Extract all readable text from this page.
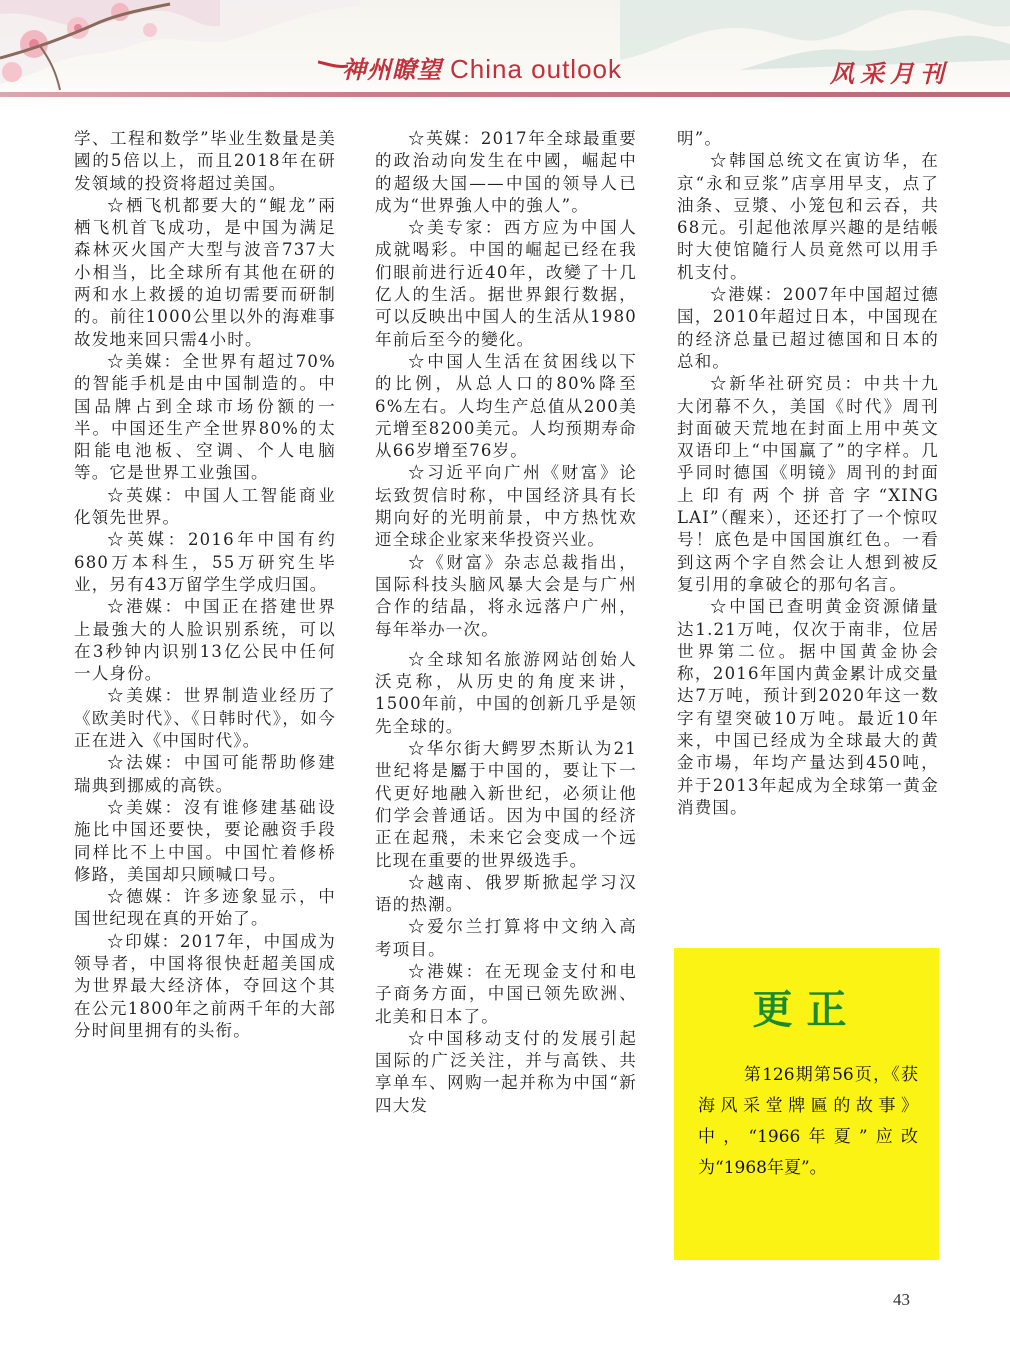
神州瞭望 China outlook	风采月刊

学、工程和数学”毕业生数量是美國的5倍以上，而且2018年在研发領域的投资将超过美国。

☆栖飞机都要大的“鲲龙”兩栖飞机首飞成功，是中国为满足森林灭火国产大型与波音737大小相当，比全球所有其他在研的两和水上救援的迫切需要而研制的。前往1000公里以外的海难事故发地来回只需4小时。

☆美媒：全世界有超过70%的智能手机是由中国制造的。中国品牌占到全球市场份额的一半。中国还生产全世界80%的太阳能电池板、空调、个人电脑等。它是世界工业強国。

☆英媒：中国人工智能商业化領先世界。

☆英媒：2016年中国有约680万本科生，55万研究生毕业，另有43万留学生学成归国。

☆港媒：中国正在搭建世界上最強大的人脸识别系统，可以在3秒钟内识别13亿公民中任何一人身份。

☆美媒：世界制造业经历了《欧美时代》、《日韩时代》，如今正在进入《中国时代》。

☆法媒：中国可能帮助修建瑞典到挪威的高铁。

☆美媒：沒有谁修建基础设施比中国还要快，要论融资手段同样比不上中国。中国忙着修桥修路，美国却只顾喊口号。

☆德媒：许多迹象显示，中国世纪现在真的开始了。

☆印媒：2017年，中国成为领导者，中国将很快赶超美国成为世界最大经济体，夺回这个其在公元1800年之前两千年的大部分时间里拥有的头衔。

☆英媒：2017年全球最重要的政治动向发生在中國，崛起中的超级大国——中国的领导人已成为“世界強人中的強人”。

☆美专家：西方应为中国人成就喝彩。中国的崛起已经在我们眼前进行近40年，改變了十几亿人的生活。据世界銀行数据，可以反映出中国人的生活从1980年前后至今的變化。

☆中国人生活在贫困线以下的比例，从总人口的80%降至6%左右。人均生产总值从200美元增至8200美元。人均预期寿命从66岁增至76岁。

☆习近平向广州《财富》论坛致贺信时称，中国经济具有长期向好的光明前景，中方热忱欢迊全球企业家来华投资兴业。

☆《财富》杂志总裁指出，国际科技头脑风暴大会是与广州合作的结晶，将永远落户广州，每年举办一次。

☆全球知名旅游网站创始人沃克称，从历史的角度来讲，1500年前，中国的创新几乎是领先全球的。

☆华尔街大鳄罗杰斯认为21世纪将是屬于中国的，要让下一代更好地融入新世纪，必须让他们学会普通话。因为中国的经济正在起飛，未来它会变成一个远比现在重要的世界级选手。

☆越南、俄罗斯掀起学习汉语的热潮。

☆爱尔兰打算将中文纳入高考项目。

☆港媒：在无现金支付和电子商务方面，中国已领先欧洲、北美和日本了。

☆中国移动支付的发展引起国际的广泛关注，并与高铁、共享单车、网购一起并称为中国“新四大发

明”。

☆韩国总统文在寅访华，在京“永和豆浆”店享用早支，点了油条、豆漿、小笼包和云吞，共68元。引起他浓厚兴趣的是结帳时大使馆隨行人员竟然可以用手机支付。

☆港媒：2007年中国超过德国，2010年超过日本，中国现在的经济总量已超过德国和日本的总和。

☆新华社研究员：中共十九大闭幕不久，美国《时代》周刊封面破天荒地在封面上用中英文双语印上“中国赢了”的字样。几乎同时德国《明镜》周刊的封面上印有两个拼音字“XING LAI”（醒来），还还打了一个惊叹号！底色是中国国旗红色。一看到这两个字自然会让人想到被反复引用的拿破仑的那句名言。

☆中国已查明黄金资源储量达1.21万吨，仅次于南非，位居世界第二位。据中国黄金协会称，2016年国内黄金累计成交量达7万吨，预计到2020年这一数字有望突破10万吨。最近10年来，中国已经成为全球最大的黄金市場，年均产量达到450吨，并于2013年起成为全球第一黄金消费国。

更正
第126期第56页，《获海风采堂牌匾的故事》中，“1966年夏”应改为“1968年夏”。
43
